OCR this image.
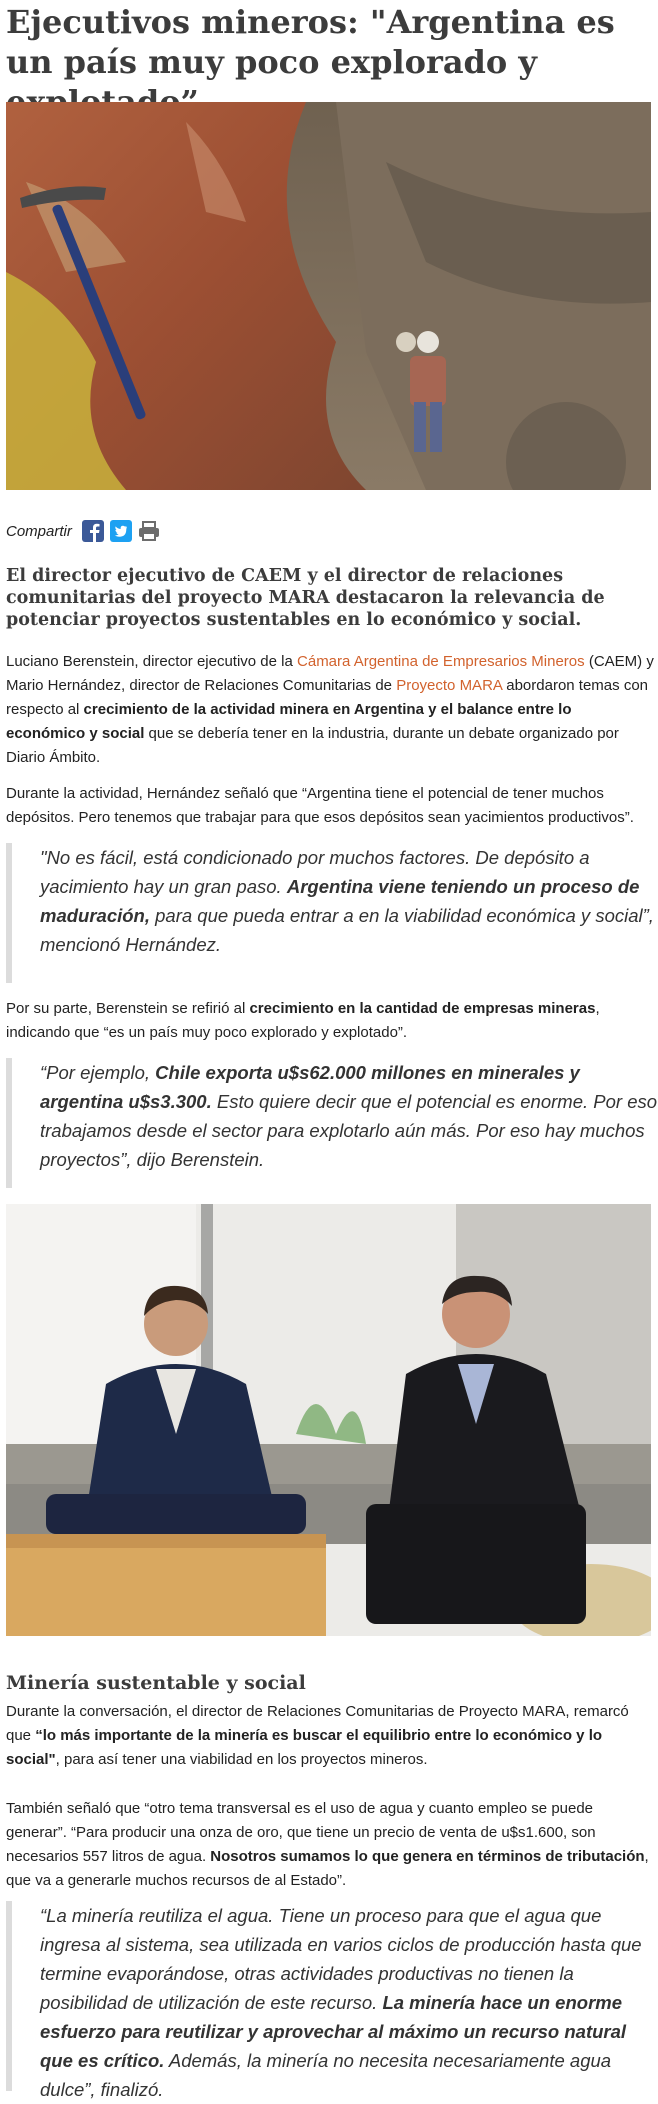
Ejecutivos mineros: "Argentina es un país muy poco explorado y
Compartir

El director ejecutivo de CAEM y el director de relaciones comunitarias del proyecto MARA destacaron la relevancia de potenciar proyectos sustentables en lo económico y social.

Luciano Berenstein, director ejecutivo de la Cámara Argentina de Empresarios Mineros (CAEM) y Mario Hernández, director de Relaciones Comunitarias de Proyecto MARA abordaron temas con respecto al crecimiento de la actividad minera en Argentina y el balance entre lo económico y social que se debería tener en la industria, durante un debate organizado por Diario Ámbito.

Durante la actividad, Hernández señaló que “Argentina tiene el potencial de tener muchos depósitos. Pero tenemos que trabajar para que esos depósitos sean yacimientos productivos”.

"No es fácil, está condicionado por muchos factores. De depósito a yacimiento hay un gran paso. Argentina viene teniendo un proceso de maduración, para que pueda entrar a en la viabilidad económica y social”, mencionó Hernández.

Por su parte, Berenstein se refirió al crecimiento en la cantidad de empresas mineras, indicando que “es un país muy poco explorado y explotado”.

“Por ejemplo, Chile exporta u$s62.000 millones en minerales y argentina u$s3.300. Esto quiere decir que el potencial es enorme. Por eso trabajamos desde el sector para explotarlo aún más. Por eso hay muchos proyectos”, dijo Berenstein.
Minería sustentable y social

Durante la conversación, el director de Relaciones Comunitarias de Proyecto MARA, remarcó que “lo más importante de la minería es buscar el equilibrio entre lo económico y lo social", para así tener una viabilidad en los proyectos mineros.

También señaló que “otro tema transversal es el uso de agua y cuanto empleo se puede generar”. “Para producir una onza de oro, que tiene un precio de venta de u$s1.600, son necesarios 557 litros de agua. Nosotros sumamos lo que genera en términos de tributación, que va a generarle muchos recursos de al Estado”.

“La minería reutiliza el agua. Tiene un proceso para que el agua que ingresa al sistema, sea utilizada en varios ciclos de producción hasta que termine evaporándose, otras actividades productivas no tienen la posibilidad de utilización de este recurso. La minería hace un enorme esfuerzo para reutilizar y aprovechar al máximo un recurso natural que es crítico. Además, la minería no necesita necesariamente agua dulce”, finalizó.
